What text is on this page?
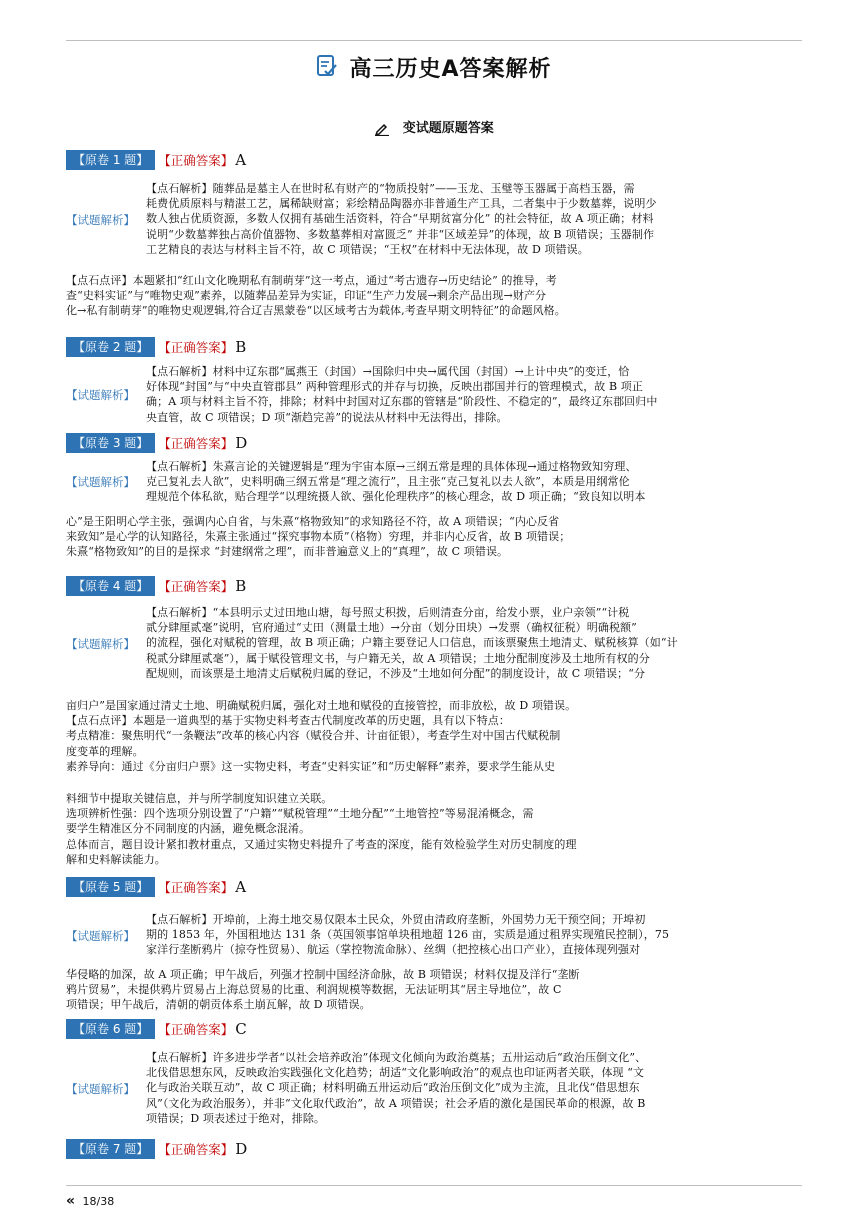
高三历史A答案解析
变试题原题答案
【原卷 1 题】 【正确答案】 A
【试题解析】
【点石解析】随葬品是墓主人在世时私有财产的“物质投射”——玉龙、玉璧等玉器属于高档玉器，需
耗费优质原料与精湛工艺，属稀缺财富；彩绘精品陶器亦非普通生产工具，二者集中于少数墓葬，说明少
数人独占优质资源，多数人仅拥有基础生活资料，符合“早期贫富分化” 的社会特征，故 A 项正确；材料
说明“少数墓葬独占高价值器物、多数墓葬相对富匮乏” 并非“区域差异”的体现，故 B 项错误；玉器制作
工艺精良的表达与材料主旨不符，故 C 项错误；“王权”在材料中无法体现，故 D 项错误。
【点石点评】本题紧扣“红山文化晚期私有制萌芽”这一考点，通过“考古遗存→历史结论” 的推导，考
查“史料实证”与“唯物史观”素养，以随葬品差异为实证，印证“生产力发展→剩余产品出现→财产分
化→私有制萌芽”的唯物史观逻辑,符合辽吉黑蒙卷“以区域考古为载体,考查早期文明特征”的命题风格。
【原卷 2 题】 【正确答案】 B
【试题解析】
【点石解析】材料中辽东郡“属燕王（封国）→国除归中央→属代国（封国）→上计中央”的变迁，恰
好体现“封国”与“中央直管郡县” 两种管理形式的并存与切换，反映出郡国并行的管理模式，故 B 项正
确；A 项与材料主旨不符，排除；材料中封国对辽东郡的管辖是“阶段性、不稳定的”，最终辽东郡回归中
央直管，故 C 项错误；D 项“渐趋完善”的说法从材料中无法得出，排除。
【原卷 3 题】 【正确答案】 D
【试题解析】
【点石解析】朱熹言论的关键逻辑是“理为宇宙本原→三纲五常是理的具体体现→通过格物致知穷理、
克己复礼去人欲”，史料明确三纲五常是“理之流行”，且主张“克己复礼以去人欲”，本质是用纲常伦
理规范个体私欲，贴合理学“以理统摄人欲、强化伦理秩序”的核心理念，故 D 项正确；“致良知以明本
心”是王阳明心学主张，强调内心自省，与朱熹“格物致知”的求知路径不符，故 A 项错误；“内心反省
来致知”是心学的认知路径，朱熹主张通过“探究事物本质”（格物）穷理，并非内心反省，故 B 项错误；
朱熹“格物致知”的目的是探求 “封建纲常之理”，而非普遍意义上的“真理”，故 C 项错误。
【原卷 4 题】 【正确答案】 B
【试题解析】
【点石解析】“本县明示丈过田地山塘，每号照丈积拨，后则清查分亩，给发小票，业户亲领”“计税
贰分肆厘贰毫”说明，官府通过“丈田（测量土地）→分亩（划分田块）→发票（确权征税）明确税额”
的流程，强化对赋税的管理，故 B 项正确；户籍主要登记人口信息，而该票聚焦土地清丈、赋税核算（如“计
税贰分肆厘贰毫”），属于赋役管理文书，与户籍无关，故 A 项错误；土地分配制度涉及土地所有权的分
配规则，而该票是土地清丈后赋税归属的登记，不涉及“土地如何分配”的制度设计，故 C 项错误；“分
亩归户”是国家通过清丈土地、明确赋税归属，强化对土地和赋役的直接管控，而非放松，故 D 项错误。
【点石点评】本题是一道典型的基于实物史料考查古代制度改革的历史题，具有以下特点：
考点精准：聚焦明代“一条鞭法”改革的核心内容（赋役合并、计亩征银），考查学生对中国古代赋税制
度变革的理解。
素养导向：通过《分亩归户票》这一实物史料，考查“史料实证”和“历史解释”素养，要求学生能从史
料细节中提取关键信息，并与所学制度知识建立关联。
选项辨析性强：四个选项分别设置了“户籍”“赋税管理”“土地分配”“土地管控”等易混淆概念，需
要学生精准区分不同制度的内涵，避免概念混淆。
总体而言，题目设计紧扣教材重点，又通过实物史料提升了考查的深度，能有效检验学生对历史制度的理
解和史料解读能力。
【原卷 5 题】 【正确答案】 A
【试题解析】
【点石解析】开埠前，上海土地交易仅限本土民众，外贸由清政府垄断，外国势力无干预空间；开埠初
期的 1853 年，外国租地达 131 条（英国领事馆单块租地超 126 亩，实质是通过租界实现殖民控制），75
家洋行垄断鸦片（掠夺性贸易）、航运（掌控物流命脉）、丝绸（把控核心出口产业），直接体现列强对
华侵略的加深，故 A 项正确；甲午战后，列强才控制中国经济命脉，故 B 项错误；材料仅提及洋行“垄断
鸦片贸易”，未提供鸦片贸易占上海总贸易的比重、利润规模等数据，无法证明其“居主导地位”，故 C
项错误；甲午战后，清朝的朝贡体系土崩瓦解，故 D 项错误。
【原卷 6 题】 【正确答案】 C
【试题解析】
【点石解析】许多进步学者“以社会培养政治”体现文化倾向为政治奠基；五卅运动后“政治压倒文化”、
北伐借思想东风，反映政治实践强化文化趋势；胡适“文化影响政治”的观点也印证两者关联，体现 “文
化与政治关联互动”，故 C 项正确；材料明确五卅运动后“政治压倒文化”成为主流，且北伐“借思想东
风”（文化为政治服务），并非“文化取代政治”，故 A 项错误；社会矛盾的激化是国民革命的根源，故 B
项错误；D 项表述过于绝对，排除。
【原卷 7 题】 【正确答案】 D
« 18/38
